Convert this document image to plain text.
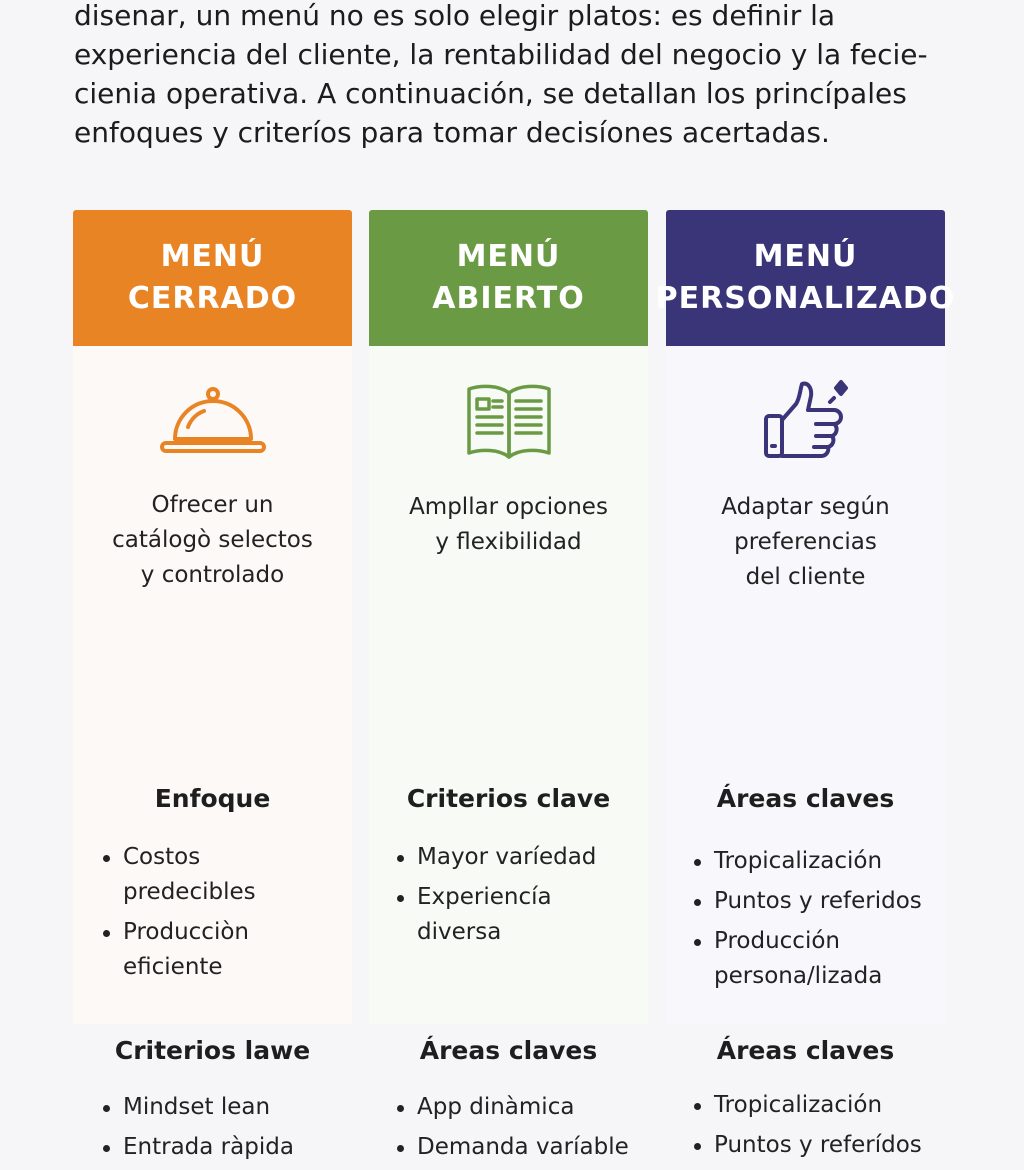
disenar, un menú no es solo elegir platos: es definir la

experiencia del cliente, la rentabilidad del negocio y la fecie-

cienia operativa. A continuación, se detallan los princípales

enfoques y criteríos para tomar decisíones acertadas.

MENÚ
CERRADO
Ofrecer un
catálogò selectos
y controlado
Enfoque
Costos predecibles
Producciòn eficiente
Criterios lawe
Mindset lean
Entrada ràpida
MENÚ
ABIERTO
Ampllar opciones
y flexibilidad
Criterios clave
Mayor varíedad
Experiencía diversa
Áreas claves
App dinàmica
Demanda varíable
MENÚ
PERSONALIZADO
Adaptar según
preferencias
del cliente
Áreas claves
Tropicalización
Puntos y referidos
Producción persona/lizada
Áreas claves
Tropicalización
Puntos y referídos
